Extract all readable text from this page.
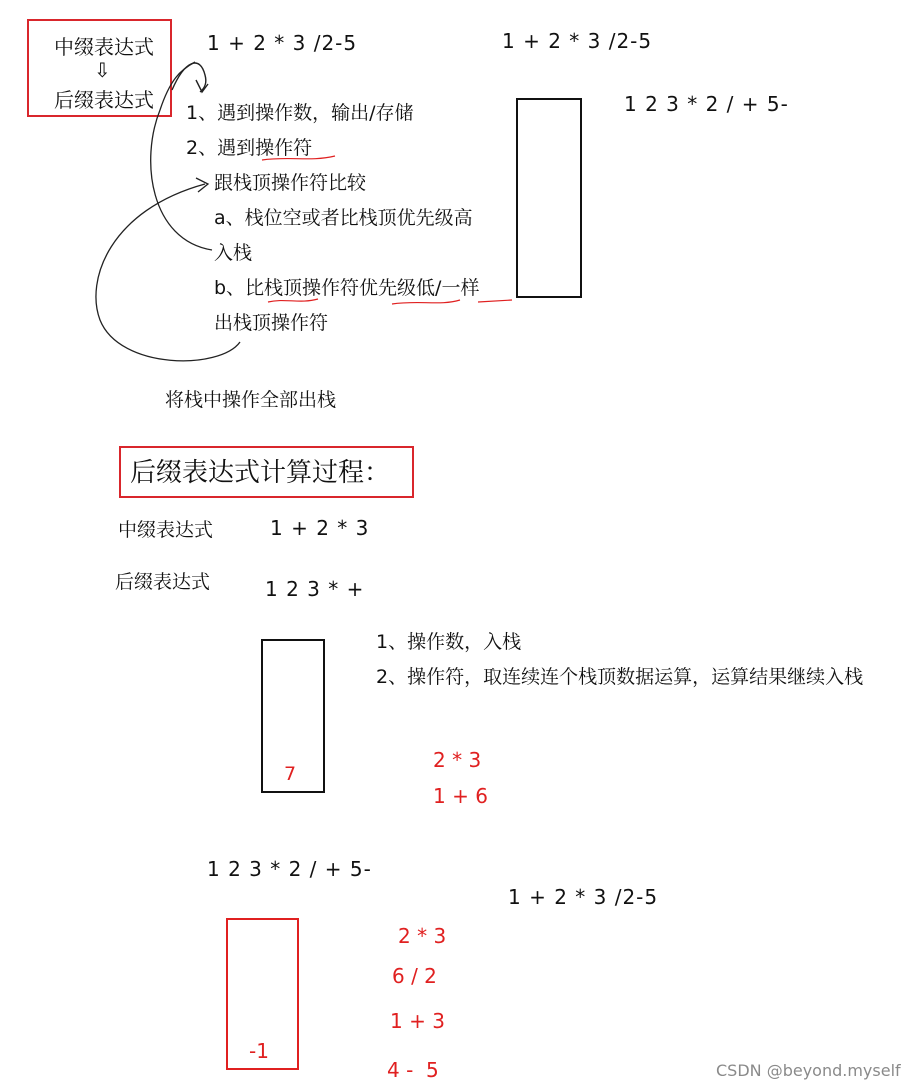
中缀表达式
⇩
后缀表达式
1 + 2 * 3 /2-5	1 + 2 * 3 /2-5
1 2 3 * 2 / + 5-
1、遇到操作数，输出/存储
2、遇到操作符
跟栈顶操作符比较
a、栈位空或者比栈顶优先级高
入栈
b、比栈顶操作符优先级低/一样
出栈顶操作符
将栈中操作全部出栈
后缀表达式计算过程：
中缀表达式	1 + 2 * 3
后缀表达式	1 2 3 * +
7
1、操作数，入栈
2、操作符，取连续连个栈顶数据运算，运算结果继续入栈
2 * 3
1 + 6
1 2 3 * 2 / + 5-
1 + 2 * 3 /2-5
-1
2 * 3
6 / 2
1 + 3
4 -  5	CSDN @beyond.myself
